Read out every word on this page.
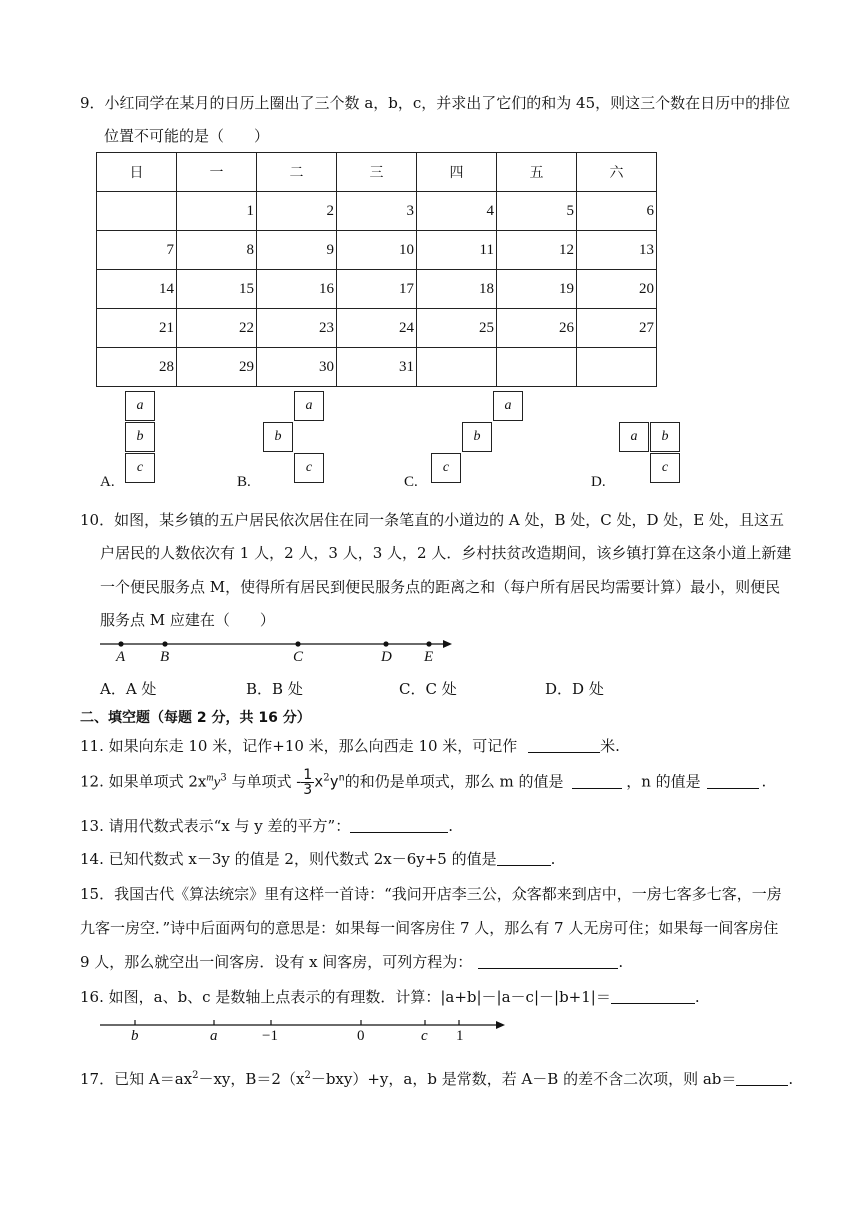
9．小红同学在某月的日历上圈出了三个数 a，b，c，并求出了它们的和为 45，则这三个数在日历中的排位
位置不可能的是（　　）
日	一	二	三	四	五	六
	1	2	3	4	5	6
7	8	9	10	11	12	13
14	15	16	17	18	19	20
21	22	23	24	25	26	27
28	29	30	31			
a
b
c
A.
a
b
c
B.
a
b
c
C.
a	b
c
D.
10．如图，某乡镇的五户居民依次居住在同一条笔直的小道边的 A 处，B 处，C 处，D 处，E 处，且这五
户居民的人数依次有 1 人，2 人，3 人，3 人，2 人．乡村扶贫改造期间，该乡镇打算在这条小道上新建
一个便民服务点 M，使得所有居民到便民服务点的距离之和（每户所有居民均需要计算）最小，则便民
服务点 M 应建在（　　）
A B	C	D E
A．A 处	B．B 处	C．C 处	D．D 处
二、填空题（每题 2 分，共 16 分）
11. 如果向东走 10 米，记作+10 米，那么向西走 10 米，可记作	米.
12. 如果单项式 $2x^my^3$ 与单项式 - $\frac{1}{3}x^2y^n$的和仍是单项式，那么 m 的值是	，n 的值是	.
13. 请用代数式表示“x 与 y 差的平方”：	.
14. 已知代数式 x－3y 的值是 2，则代数式 2x－6y+5 的值是	.
15．我国古代《算法统宗》里有这样一首诗：“我问开店李三公，众客都来到店中，一房七客多七客，一房
九客一房空．”诗中后面两句的意思是：如果每一间客房住 7 人，那么有 7 人无房可住；如果每一间客房住
9 人，那么就空出一间客房．设有 x 间客房，可列方程为：	.
16. 如图，a、b、c 是数轴上点表示的有理数．计算：|a+b|－|a－c|－|b+1|＝	.
b	a	−1	0	c 1
17．已知 $A=ax^2-xy$，$B=2(x^2-bxy)+y$，a，b 是常数，若 A－B 的差不含二次项，则 ab＝	.
